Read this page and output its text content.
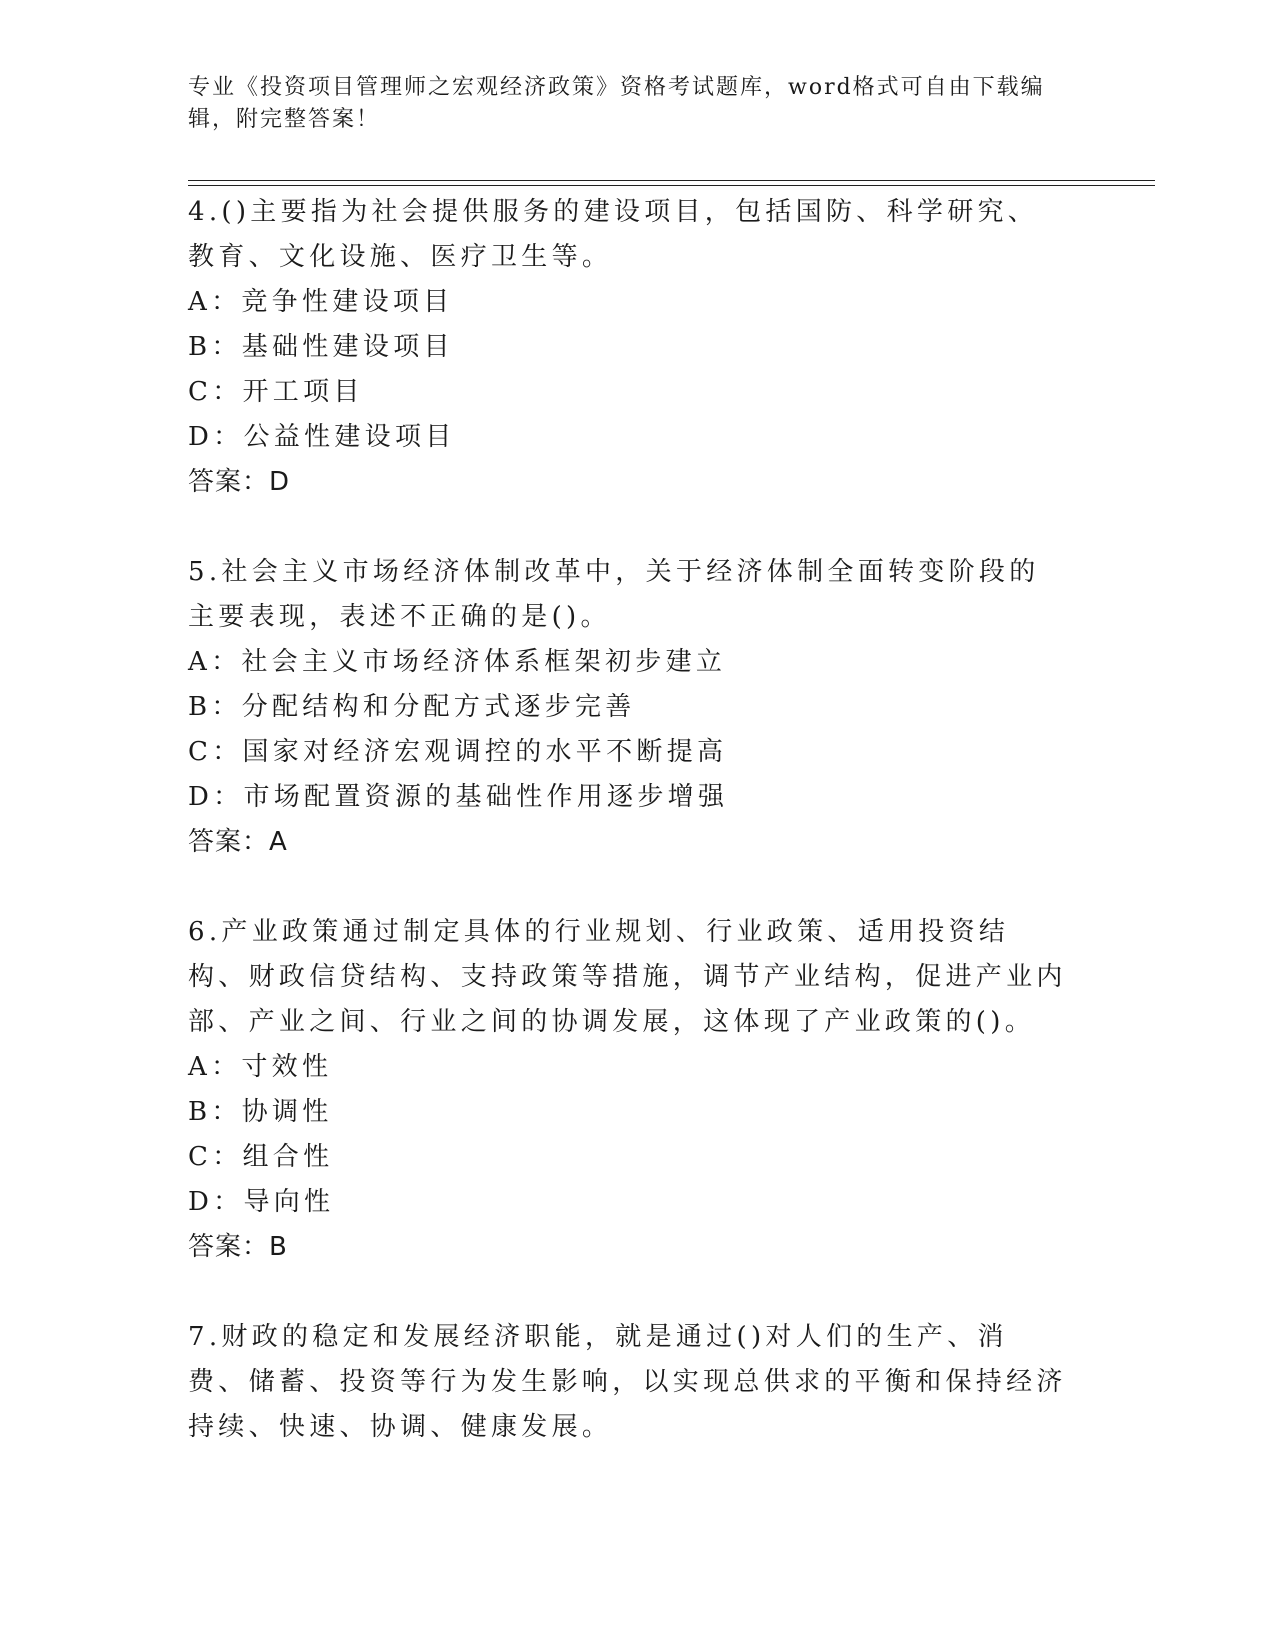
专业《投资项目管理师之宏观经济政策》资格考试题库，word格式可自由下载编辑，附完整答案！

4.()主要指为社会提供服务的建设项目，包括国防、科学研究、教育、文化设施、医疗卫生等。

A：竞争性建设项目

B：基础性建设项目

C：开工项目

D：公益性建设项目

答案：D

5.社会主义市场经济体制改革中，关于经济体制全面转变阶段的主要表现，表述不正确的是()。

A：社会主义市场经济体系框架初步建立

B：分配结构和分配方式逐步完善

C：国家对经济宏观调控的水平不断提高

D：市场配置资源的基础性作用逐步增强

答案：A

6.产业政策通过制定具体的行业规划、行业政策、适用投资结构、财政信贷结构、支持政策等措施，调节产业结构，促进产业内部、产业之间、行业之间的协调发展，这体现了产业政策的()。

A：寸效性

B：协调性

C：组合性

D：导向性

答案：B

7.财政的稳定和发展经济职能，就是通过()对人们的生产、消费、储蓄、投资等行为发生影响，以实现总供求的平衡和保持经济持续、快速、协调、健康发展。
